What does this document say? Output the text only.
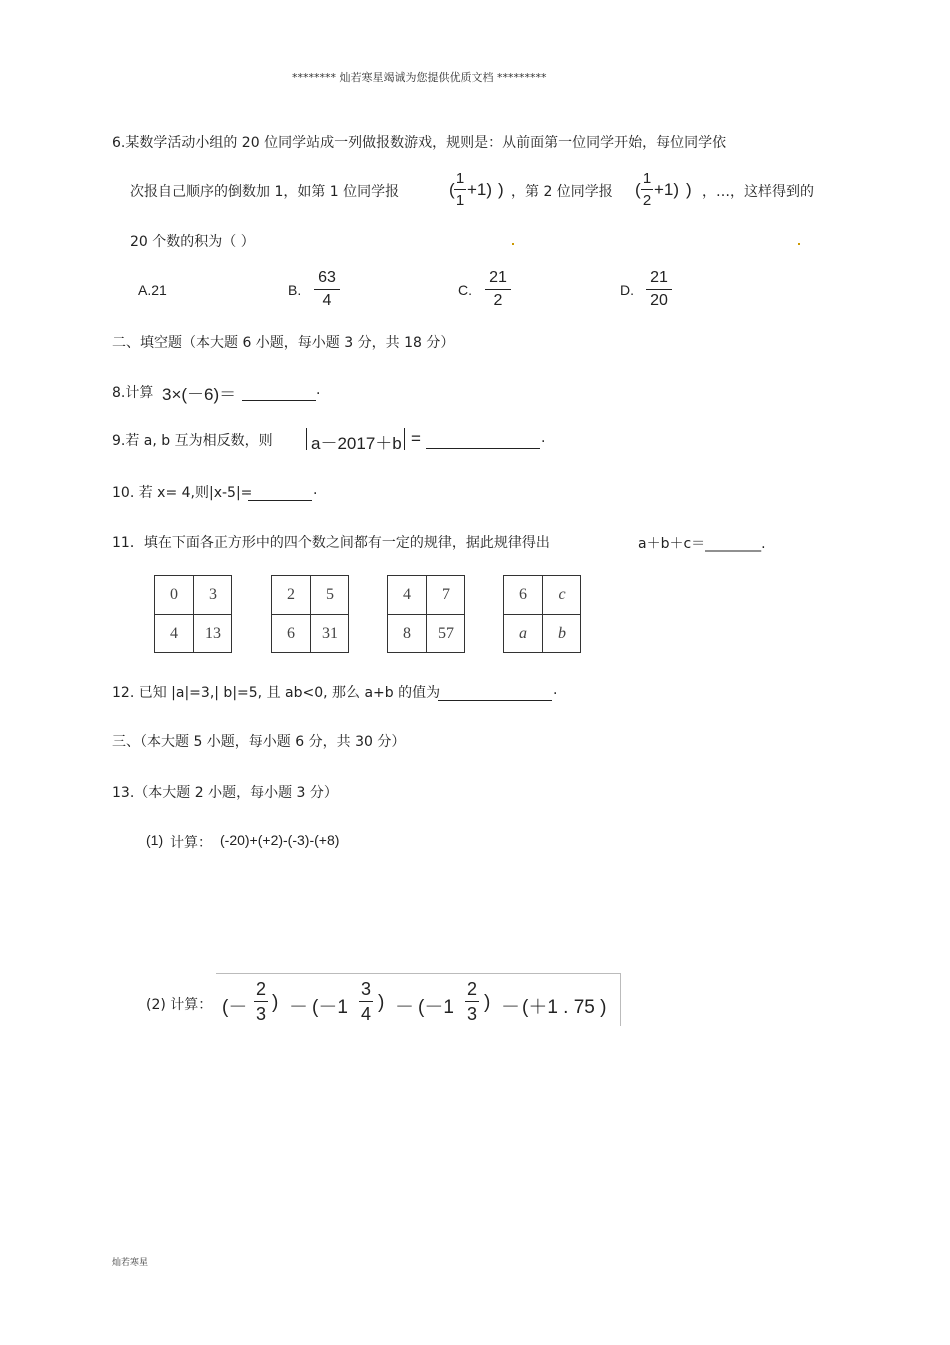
******** 灿若寒星竭诚为您提供优质文档 *********
6.某数学活动小组的 20 位同学站成一列做报数游戏，规则是：从前面第一位同学开始，每位同学依
次报自己顺序的倒数加 1，如第 1 位同学报	(
1
1
+1) ) ，第 2 位同学报 (
1
2
+1) ) ，…，这样得到的
20 个数的积为（ ）
A.21	B.
63
4
C.
21
2
D.
21
20
二、填空题（本大题 6 小题，每小题 3 分，共 18 分）
8.计算 3×(－6)＝	.
9.若 a, b 互为相反数，则 a－2017＋b =	.
10. 若 x= 4,则|x-5|=	.
11．填在下面各正方形中的四个数之间都有一定的规律，据此规律得出	a＋b＋c＝________.
0	3
4	13
2	5
6	31
4	7
8	57
6	c
a	b
12. 已知 |a|=3,| b|=5, 且 ab<0, 那么 a+b 的值为	.
三、（本大题 5 小题，每小题 6 分，共 30 分）
13.（本大题 2 小题，每小题 3 分）
(1) 计算： (-20)+(+2)-(-3)-(+8)
(2) 计算： (－
2
3
) － (－1
3
4
) － (－1
2
3
) － (＋1 . 75 )
灿若寒星
